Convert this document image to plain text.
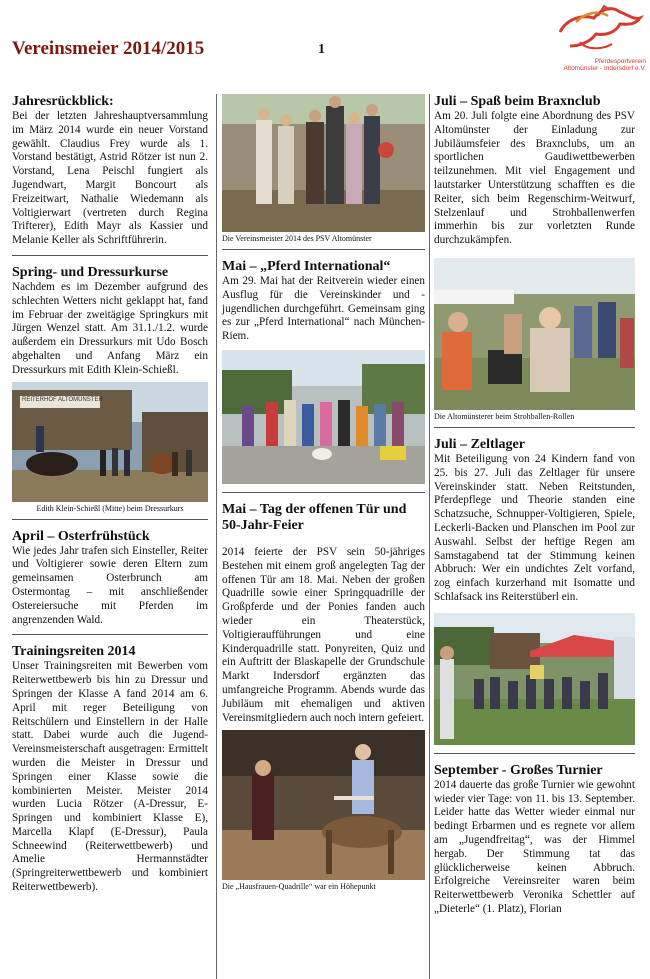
Vereinsmeier 2014/2015	1
Pferdesportverein
Altomünster - Indersdorf e.V.
Jahresrückblick:

Bei der letzten Jahreshauptversammlung im März 2014 wurde ein neuer Vorstand gewählt. Claudius Frey wurde als 1. Vorstand bestätigt, Astrid Rötzer ist nun 2. Vorstand, Lena Peischl fungiert als Jugendwart, Margit Boncourt als Freizeitwart, Nathalie Wiedemann als Voltigierwart (vertreten durch Regina Trifterer), Edith Mayr als Kassier und Melanie Keller als Schriftführerin.

Spring- und Dressurkurse

Nachdem es im Dezember aufgrund des schlechten Wetters nicht geklappt hat, fand im Februar der zweitägige Springkurs mit Jürgen Wenzel statt. Am 31.1./1.2. wurde außerdem ein Dressurkurs mit Udo Bosch abgehalten und Anfang März ein Dressurkurs mit Edith Klein-Schießl.

REITERHOF ALTOMÜNSTER
Edith Klein-Schießl (Mitte) beim Dressurkurs
April – Osterfrühstück

Wie jedes Jahr trafen sich Einsteller, Reiter und Voltigierer sowie deren Eltern zum gemeinsamen Osterbrunch am Ostermontag – mit anschließender Ostereiersuche mit Pferden im angrenzenden Wald.

Trainingsreiten 2014

Unser Trainingsreiten mit Bewerben vom Reiterwettbewerb bis hin zu Dressur und Springen der Klasse A fand 2014 am 6. April mit reger Beteiligung von Reitschülern und Einstellern in der Halle statt. Dabei wurde auch die Jugend-Vereinsmeisterschaft ausgetragen: Ermittelt wurden die Meister in Dressur und Springen einer Klasse sowie die kombinierten Meister. Meister 2014 wurden Lucia Rötzer (A-Dressur, E-Springen und kombiniert Klasse E), Marcella Klapf (E-Dressur), Paula Schneewind (Reiterwettbewerb) und Amelie Hermannstädter (Springreiterwettbewerb und kombiniert Reiterwettbewerb).

Die Vereinsmeister 2014 des PSV Altomünster
Mai – „Pferd International“

Am 29. Mai hat der Reitverein wieder einen Ausflug für die Vereinskinder und -jugendlichen durchgeführt. Gemeinsam ging es zur „Pferd International“ nach München-Riem.

Mai – Tag der offenen Tür und 50-Jahr-Feier

2014 feierte der PSV sein 50-jähriges Bestehen mit einem groß angelegten Tag der offenen Tür am 18. Mai. Neben der großen Quadrille sowie einer Springquadrille der Großpferde und der Ponies fanden auch wieder ein Theaterstück, Voltigieraufführungen und eine Kinderquadrille statt. Ponyreiten, Quiz und ein Auftritt der Blaskapelle der Grundschule Markt Indersdorf ergänzten das umfangreiche Programm. Abends wurde das Jubiläum mit ehemaligen und aktiven Vereinsmitgliedern auch noch intern gefeiert.

Die „Hausfrauen-Quadrille“ war ein Höhepunkt
Juli – Spaß beim Braxnclub

Am 20. Juli folgte eine Abordnung des PSV Altomünster der Einladung zur Jubiläumsfeier des Braxnclubs, um an sportlichen Gaudiwettbewerben teilzunehmen. Mit viel Engagement und lautstarker Unterstützung schafften es die Reiter, sich beim Regenschirm-Weitwurf, Stelzenlauf und Strohballenwerfen immerhin bis zur vorletzten Runde durchzukämpfen.

Die Altomünsterer beim Strohballen-Rollen
Juli – Zeltlager

Mit Beteiligung von 24 Kindern fand von 25. bis 27. Juli das Zeltlager für unsere Vereinskinder statt. Neben Reitstunden, Pferdepflege und Theorie standen eine Schatzsuche, Schnupper-Voltigieren, Spiele, Leckerli-Backen und Planschen im Pool zur Auswahl. Selbst der heftige Regen am Samstagabend tat der Stimmung keinen Abbruch: Wer ein undichtes Zelt vorfand, zog einfach kurzerhand mit Isomatte und Schlafsack ins Reiterstüberl ein.

September - Großes Turnier

2014 dauerte das große Turnier wie gewohnt wieder vier Tage: von 11. bis 13. September. Leider hatte das Wetter wieder einmal nur bedingt Erbarmen und es regnete vor allem am „Jugendfreitag“, was der Himmel hergab. Der Stimmung tat das glücklicherweise keinen Abbruch. Erfolgreiche Vereinsreiter waren beim Reiterwettbewerb Veronika Schettler auf „Dieterle“ (1. Platz), Florian
